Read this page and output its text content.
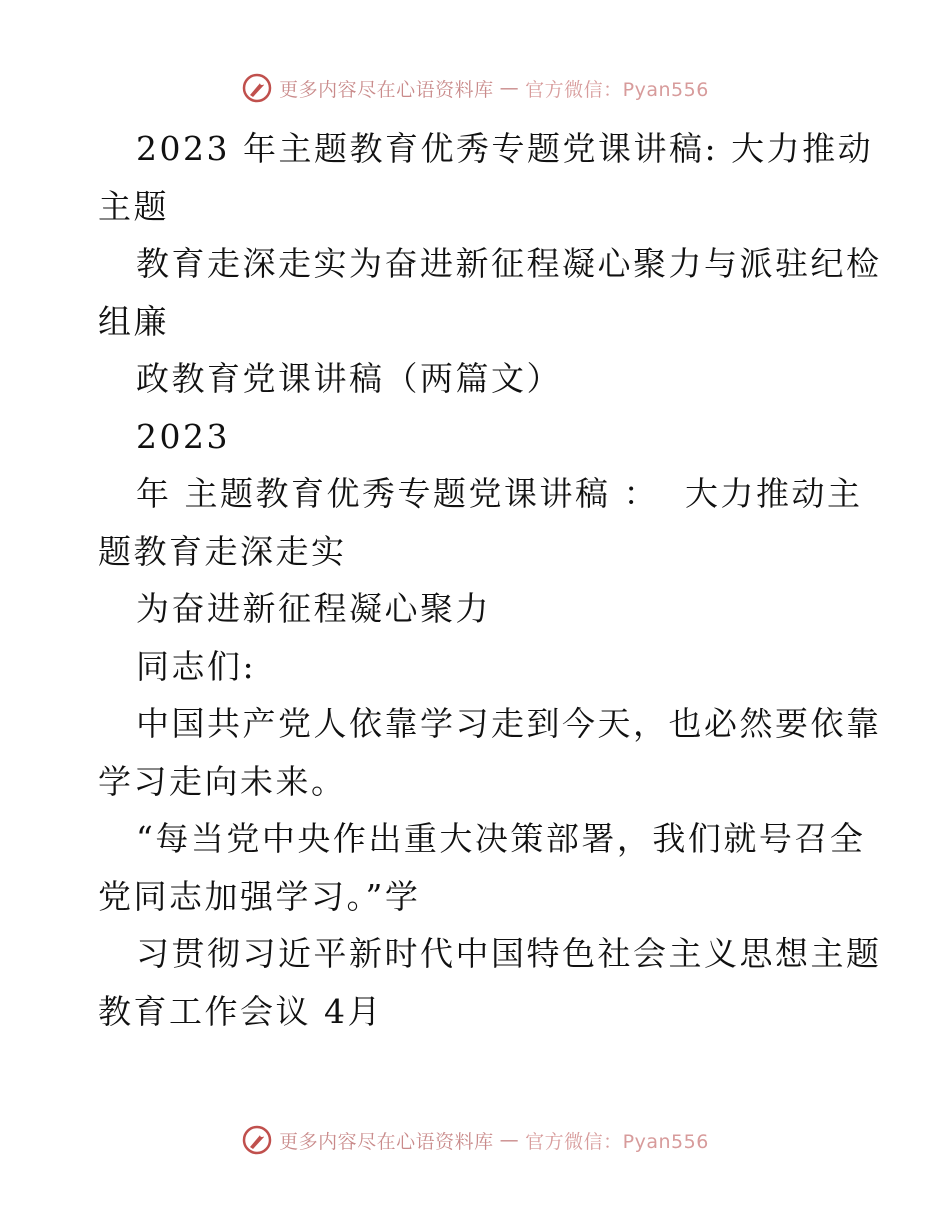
更多内容尽在心语资料库 — 官方微信：Pyan556
2023 年主题教育优秀专题党课讲稿: 大力推动
主题
教育走深走实为奋进新征程凝心聚力与派驻纪检
组廉
政教育党课讲稿（两篇文）
2023
年 主题教育优秀专题党课讲稿 ：  大力推动主
题教育走深走实
为奋进新征程凝心聚力
同志们:
中国共产党人依靠学习走到今天，也必然要依靠
学习走向未来。
“每当党中央作出重大决策部署，我们就号召全
党同志加强学习。”学
习贯彻习近平新时代中国特色社会主义思想主题
教育工作会议 4月
更多内容尽在心语资料库 — 官方微信：Pyan556
